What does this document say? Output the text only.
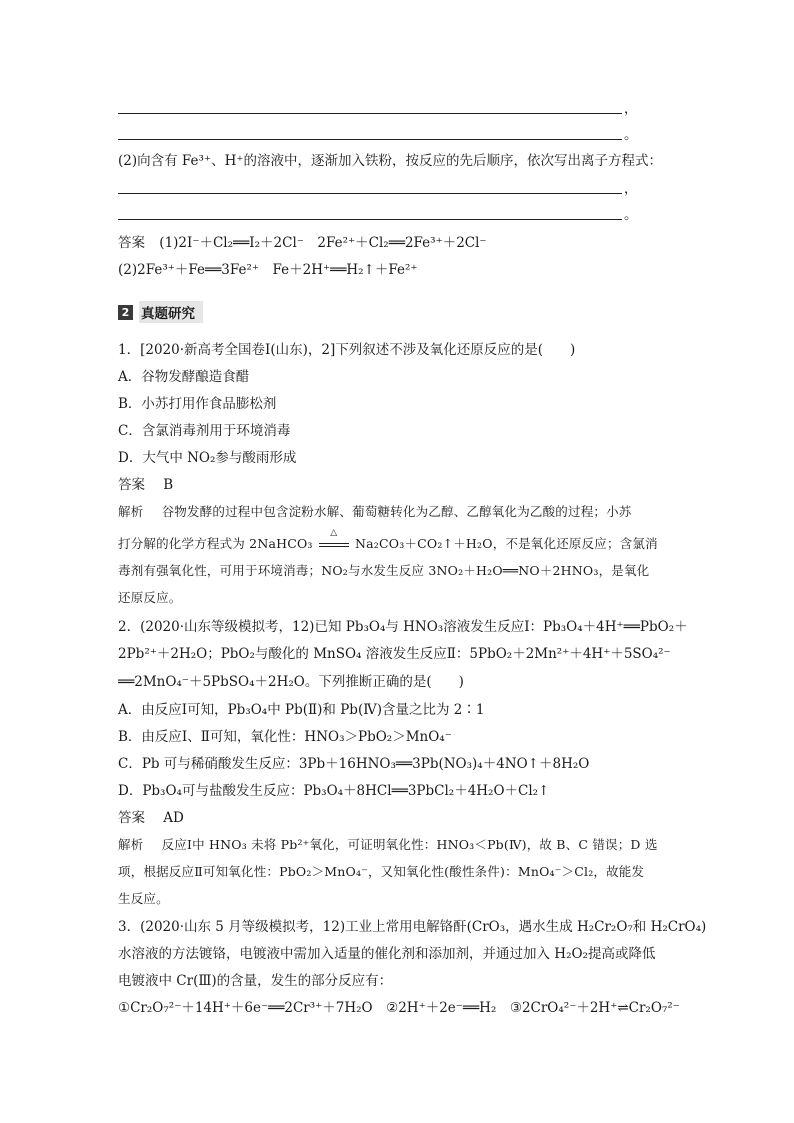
，
。
(2)向含有 Fe³⁺、H⁺的溶液中，逐渐加入铁粉，按反应的先后顺序，依次写出离子方程式：
，
。
答案 (1)2I⁻＋Cl₂══I₂＋2Cl⁻　2Fe²⁺＋Cl₂══2Fe³⁺＋2Cl⁻
(2)2Fe³⁺＋Fe══3Fe²⁺　Fe＋2H⁺══H₂↑＋Fe²⁺
2 真题研究
1．[2020·新高考全国卷Ⅰ(山东)，2]下列叙述不涉及氧化还原反应的是(　　)
A．谷物发酵酿造食醋
B．小苏打用作食品膨松剂
C．含氯消毒剂用于环境消毒
D．大气中 NO₂参与酸雨形成
答案 B
解析 谷物发酵的过程中包含淀粉水解、葡萄糖转化为乙醇、乙醇氧化为乙酸的过程；小苏
打分解的化学方程式为 2NaHCO₃
△
Na₂CO₃＋CO₂↑＋H₂O，不是氧化还原反应；含氯消
毒剂有强氧化性，可用于环境消毒；NO₂与水发生反应 3NO₂＋H₂O══NO＋2HNO₃，是氧化
还原反应。
2．(2020·山东等级模拟考，12)已知 Pb₃O₄与 HNO₃溶液发生反应Ⅰ：Pb₃O₄＋4H⁺══PbO₂＋
2Pb²⁺＋2H₂O；PbO₂与酸化的 MnSO₄ 溶液发生反应Ⅱ：5PbO₂＋2Mn²⁺＋4H⁺＋5SO₄²⁻
══2MnO₄⁻＋5PbSO₄＋2H₂O。下列推断正确的是(　　)
A．由反应Ⅰ可知，Pb₃O₄中 Pb(Ⅱ)和 Pb(Ⅳ)含量之比为 2∶1
B．由反应Ⅰ、Ⅱ可知，氧化性：HNO₃＞PbO₂＞MnO₄⁻
C．Pb 可与稀硝酸发生反应：3Pb＋16HNO₃══3Pb(NO₃)₄＋4NO↑＋8H₂O
D．Pb₃O₄可与盐酸发生反应：Pb₃O₄＋8HCl══3PbCl₂＋4H₂O＋Cl₂↑
答案 AD
解析 反应Ⅰ中 HNO₃ 未将 Pb²⁺氧化，可证明氧化性：HNO₃＜Pb(Ⅳ)，故 B、C 错误；D 选
项，根据反应Ⅱ可知氧化性：PbO₂＞MnO₄⁻，又知氧化性(酸性条件)：MnO₄⁻＞Cl₂，故能发
生反应。
3．(2020·山东 5 月等级模拟考，12)工业上常用电解铬酐(CrO₃，遇水生成 H₂Cr₂O₇和 H₂CrO₄)
水溶液的方法镀铬，电镀液中需加入适量的催化剂和添加剂，并通过加入 H₂O₂提高或降低
电镀液中 Cr(Ⅲ)的含量，发生的部分反应有：
①Cr₂O₇²⁻＋14H⁺＋6e⁻══2Cr³⁺＋7H₂O　②2H⁺＋2e⁻══H₂　③2CrO₄²⁻＋2H⁺⇌Cr₂O₇²⁻
